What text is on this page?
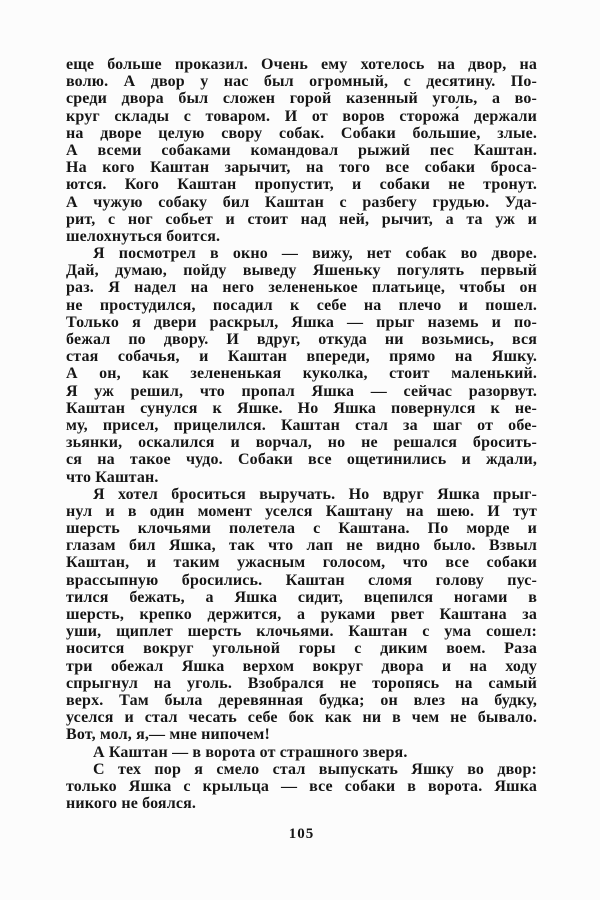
еще больше проказил. Очень ему хотелось на двор, на
волю. А двор у нас был огромный, с десятину. По-
среди двора был сложен горой казенный уголь, а во-
круг склады с товаром. И от воров сторожа́ держали
на дворе целую свору собак. Собаки большие, злые.
А всеми собаками командовал рыжий пес Каштан.
На кого Каштан зарычит, на того все собаки броса-
ются. Кого Каштан пропустит, и собаки не тронут.
А чужую собаку бил Каштан с разбегу грудью. Уда-
рит, с ног собьет и стоит над ней, рычит, а та уж и
шелохнуться боится.
Я посмотрел в окно — вижу, нет собак во дворе.
Дай, думаю, пойду выведу Яшеньку погулять первый
раз. Я надел на него зелененькое платьице, чтобы он
не простудился, посадил к себе на плечо и пошел.
Только я двери раскрыл, Яшка — прыг наземь и по-
бежал по двору. И вдруг, откуда ни возьмись, вся
стая собачья, и Каштан впереди, прямо на Яшку.
А он, как зелененькая куколка, стоит маленький.
Я уж решил, что пропал Яшка — сейчас разорвут.
Каштан сунулся к Яшке. Но Яшка повернулся к не-
му, присел, прицелился. Каштан стал за шаг от обе-
зьянки, оскалился и ворчал, но не решался бросить-
ся на такое чудо. Собаки все ощетинились и ждали,
что Каштан.
Я хотел броситься выручать. Но вдруг Яшка прыг-
нул и в один момент уселся Каштану на шею. И тут
шерсть клочьями полетела с Каштана. По морде и
глазам бил Яшка, так что лап не видно было. Взвыл
Каштан, и таким ужасным голосом, что все собаки
врассыпную бросились. Каштан сломя голову пус-
тился бежать, а Яшка сидит, вцепился ногами в
шерсть, крепко держится, а руками рвет Каштана за
уши, щиплет шерсть клочьями. Каштан с ума сошел:
носится вокруг угольной горы с диким воем. Раза
три обежал Яшка верхом вокруг двора и на ходу
спрыгнул на уголь. Взобрался не торопясь на самый
верх. Там была деревянная будка; он влез на будку,
уселся и стал чесать себе бок как ни в чем не бывало.
Вот, мол, я,— мне нипочем!
А Каштан — в ворота от страшного зверя.
С тех пор я смело стал выпускать Яшку во двор:
только Яшка с крыльца — все собаки в ворота. Яшка
никого не боялся.
105
